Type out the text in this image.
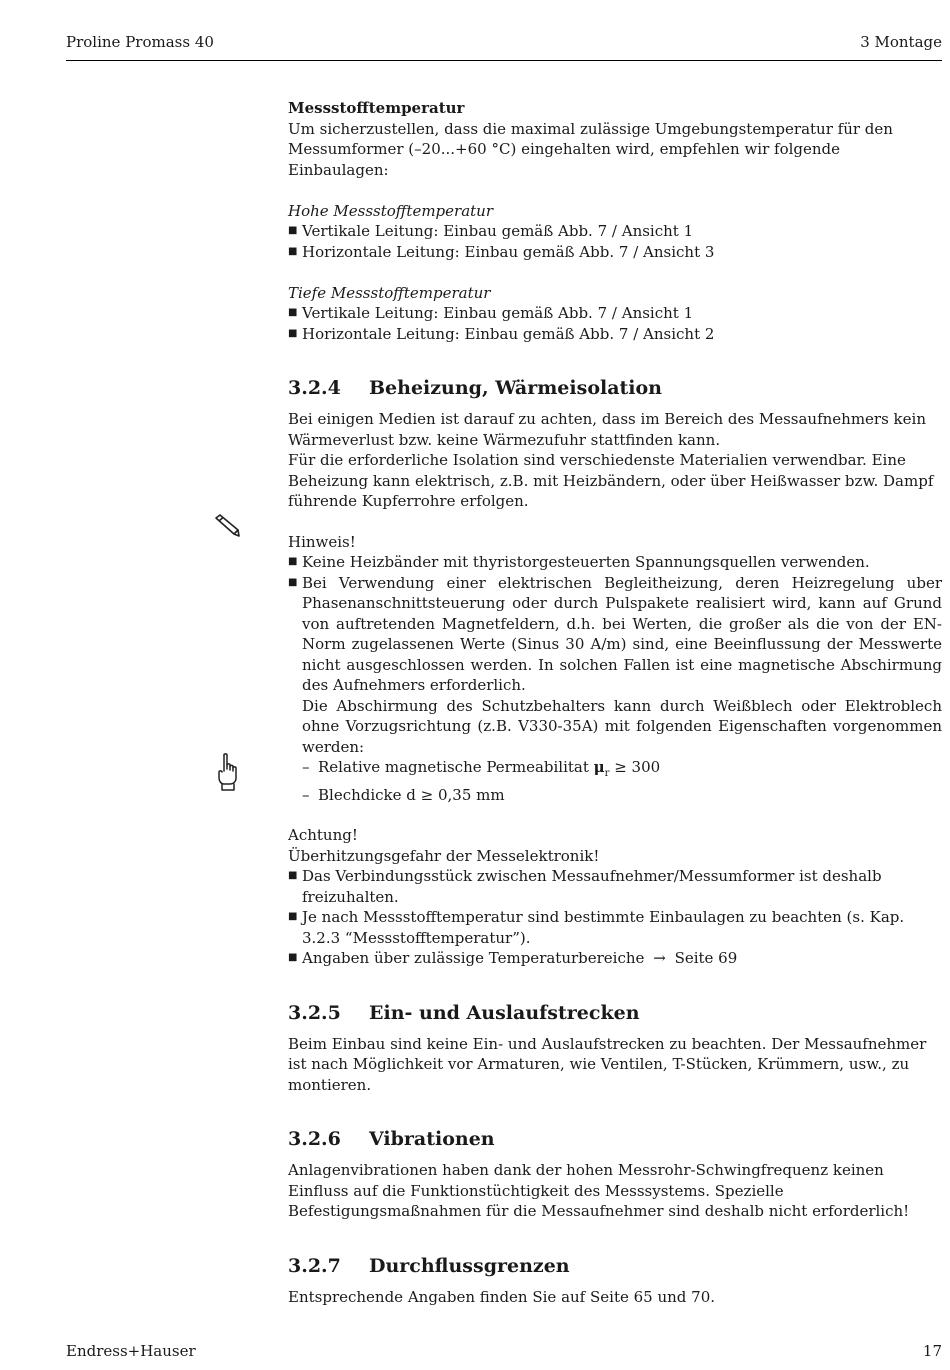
Proline Promass 40	3 Montage

Messstofftemperatur

Um sicherzustellen, dass die maximal zulässige Umgebungstemperatur für den Messumformer (–20...+60 °C) eingehalten wird, empfehlen wir folgende Einbaulagen:

Hohe Messstofftemperatur

■ Vertikale Leitung: Einbau gemäß Abb. 7 / Ansicht 1
■ Horizontale Leitung: Einbau gemäß Abb. 7 / Ansicht 3

Tiefe Messstofftemperatur

■ Vertikale Leitung: Einbau gemäß Abb. 7 / Ansicht 1
■ Horizontale Leitung: Einbau gemäß Abb. 7 / Ansicht 2
3.2.4	Beheizung, Wärmeisolation

Bei einigen Medien ist darauf zu achten, dass im Bereich des Messaufnehmers kein Wärmeverlust bzw. keine Wärmezufuhr stattfinden kann.

Für die erforderliche Isolation sind verschiedenste Materialien verwendbar. Eine Beheizung kann elektrisch, z.B. mit Heizbändern, oder über Heißwasser bzw. Dampf führende Kupferrohre erfolgen.

Hinweis!

■ Keine Heizbänder mit thyristorgesteuerten Spannungsquellen verwenden.
■ Bei Verwendung einer elektrischen Begleitheizung, deren Heizregelung uber Phasenanschnittsteuerung oder durch Pulspakete realisiert wird, kann auf Grund von auftretenden Magnetfeldern, d.h. bei Werten, die großer als die von der EN-Norm zugelassenen Werte (Sinus 30 A/m) sind, eine Beeinflussung der Messwerte nicht ausgeschlossen werden. In solchen Fallen ist eine magnetische Abschirmung des Aufnehmers erforderlich.
Die Abschirmung des Schutzbehalters kann durch Weißblech oder Elektroblech ohne Vorzugsrichtung (z.B. V330-35A) mit folgenden Eigenschaften vorgenommen werden:
– Relative magnetische Permeabilitat $\mu_r \ge 300$
– Blechdicke d ≥ 0,35 mm

Achtung!

Überhitzungsgefahr der Messelektronik!

■ Das Verbindungsstück zwischen Messaufnehmer/Messumformer ist deshalb freizuhalten.
■ Je nach Messstofftemperatur sind bestimmte Einbaulagen zu beachten (s. Kap. 3.2.3 “Messstofftemperatur”).
■ Angaben über zulässige Temperaturbereiche → Seite 69
3.2.5	Ein- und Auslaufstrecken

Beim Einbau sind keine Ein- und Auslaufstrecken zu beachten. Der Messaufnehmer ist nach Möglichkeit vor Armaturen, wie Ventilen, T-Stücken, Krümmern, usw., zu montieren.

3.2.6	Vibrationen

Anlagenvibrationen haben dank der hohen Messrohr-Schwingfrequenz keinen Einfluss auf die Funktionstüchtigkeit des Messsystems. Spezielle Befestigungsmaßnahmen für die Messaufnehmer sind deshalb nicht erforderlich!

3.2.7	Durchflussgrenzen

Entsprechende Angaben finden Sie auf Seite 65 und 70.

Endress+Hauser	17
